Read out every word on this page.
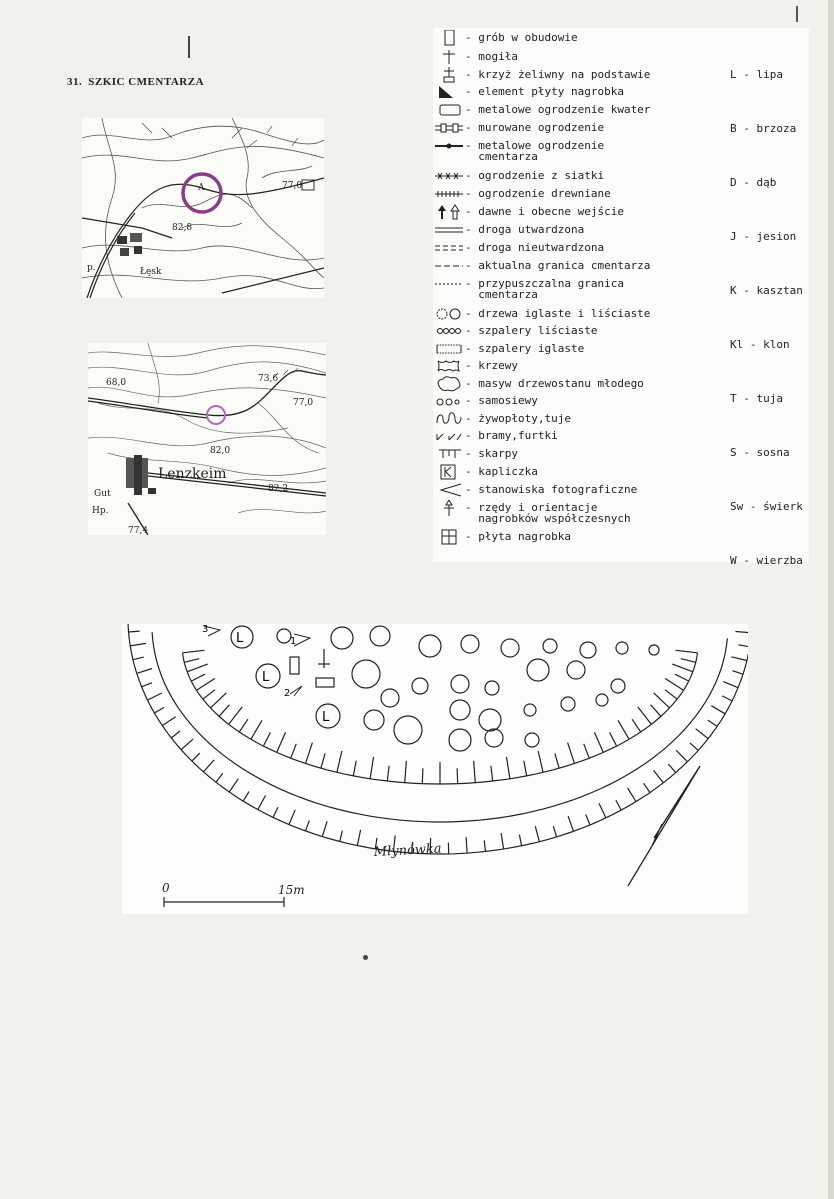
31. SZKIC CMENTARZA
A	77,0
82,8
Łęsk
p.
Lenzkeim
Gut
73,6
77,0
68,0
82,0
82,2
77,4
Hp.
- grób w obudowie
- mogiła
- krzyż żeliwny na podstawie
- element płyty nagrobka
- metalowe ogrodzenie kwater
- murowane ogrodzenie
- metalowe ogrodzenie
cmentarza
- ogrodzenie z siatki
- ogrodzenie drewniane
- dawne i obecne wejście
- droga utwardzona
- droga nieutwardzona
- aktualna granica cmentarza
- przypuszczalna granica
cmentarza
- drzewa iglaste i liściaste
- szpalery liściaste
- szpalery iglaste
- krzewy
- masyw drzewostanu młodego
- samosiewy
- żywopłoty,tuje
- bramy,furtki
- skarpy
- kapliczka
- stanowiska fotograficzne
- rzędy i orientacje
nagrobków współczesnych
- płyta nagrobka

L - lipa

B - brzoza

D - dąb

J - jesion

K - kasztan

Kl - klon

T - tuja

S - sosna

Sw - świerk

W - wierzba

L
L
L
1
2
3
Młynówka
0	15m
